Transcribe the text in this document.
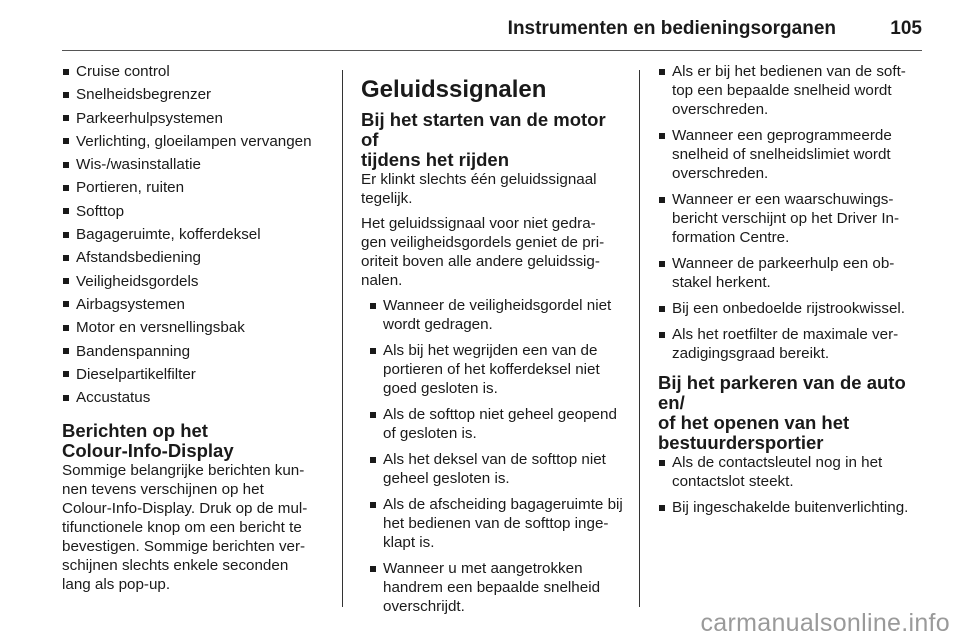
Instrumenten en bedieningsorganen	105
Cruise control
Snelheidsbegrenzer
Parkeerhulpsystemen
Verlichting, gloeilampen vervangen
Wis-/wasinstallatie
Portieren, ruiten
Softtop
Bagageruimte, kofferdeksel
Afstandsbediening
Veiligheidsgordels
Airbagsystemen
Motor en versnellingsbak
Bandenspanning
Dieselpartikelfilter
Accustatus
Berichten op het
Colour-Info-Display

Sommige belangrijke berichten kun-
nen tevens verschijnen op het
Colour-Info-Display. Druk op de mul-
tifunctionele knop om een bericht te
bevestigen. Sommige berichten ver-
schijnen slechts enkele seconden
lang als pop-up.

Geluidssignalen
Bij het starten van de motor of
tijdens het rijden

Er klinkt slechts één geluidssignaal
tegelijk.

Het geluidssignaal voor niet gedra-
gen veiligheidsgordels geniet de pri-
oriteit boven alle andere geluidssig-
nalen.

Wanneer de veiligheidsgordel niet
wordt gedragen.
Als bij het wegrijden een van de
portieren of het kofferdeksel niet
goed gesloten is.
Als de softtop niet geheel geopend
of gesloten is.
Als het deksel van de softtop niet
geheel gesloten is.
Als de afscheiding bagageruimte bij
het bedienen van de softtop inge-
klapt is.
Wanneer u met aangetrokken
handrem een bepaalde snelheid
overschrijdt.
Als er bij het bedienen van de soft-
top een bepaalde snelheid wordt
overschreden.
Wanneer een geprogrammeerde
snelheid of snelheidslimiet wordt
overschreden.
Wanneer er een waarschuwings-
bericht verschijnt op het Driver In-
formation Centre.
Wanneer de parkeerhulp een ob-
stakel herkent.
Bij een onbedoelde rijstrookwissel.
Als het roetfilter de maximale ver-
zadigingsgraad bereikt.
Bij het parkeren van de auto en/
of het openen van het
bestuurdersportier
Als de contactsleutel nog in het
contactslot steekt.
Bij ingeschakelde buitenverlichting.
carmanualsonline.info
